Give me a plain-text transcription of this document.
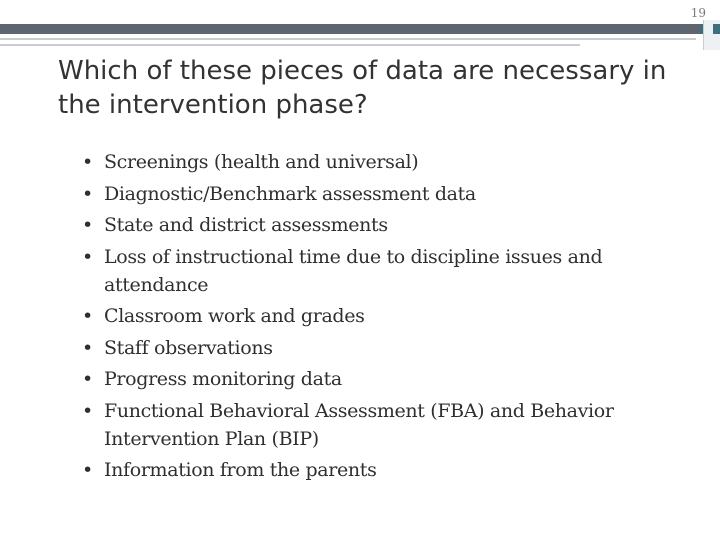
19
Which of these pieces of data are necessary in the intervention phase?
• Screenings (health and universal)
• Diagnostic/Benchmark assessment data
• State and district assessments
• Loss of instructional time due to discipline issues and attendance
• Classroom work and grades
• Staff observations
• Progress monitoring data
• Functional Behavioral Assessment (FBA) and Behavior Intervention Plan (BIP)
• Information from the parents
